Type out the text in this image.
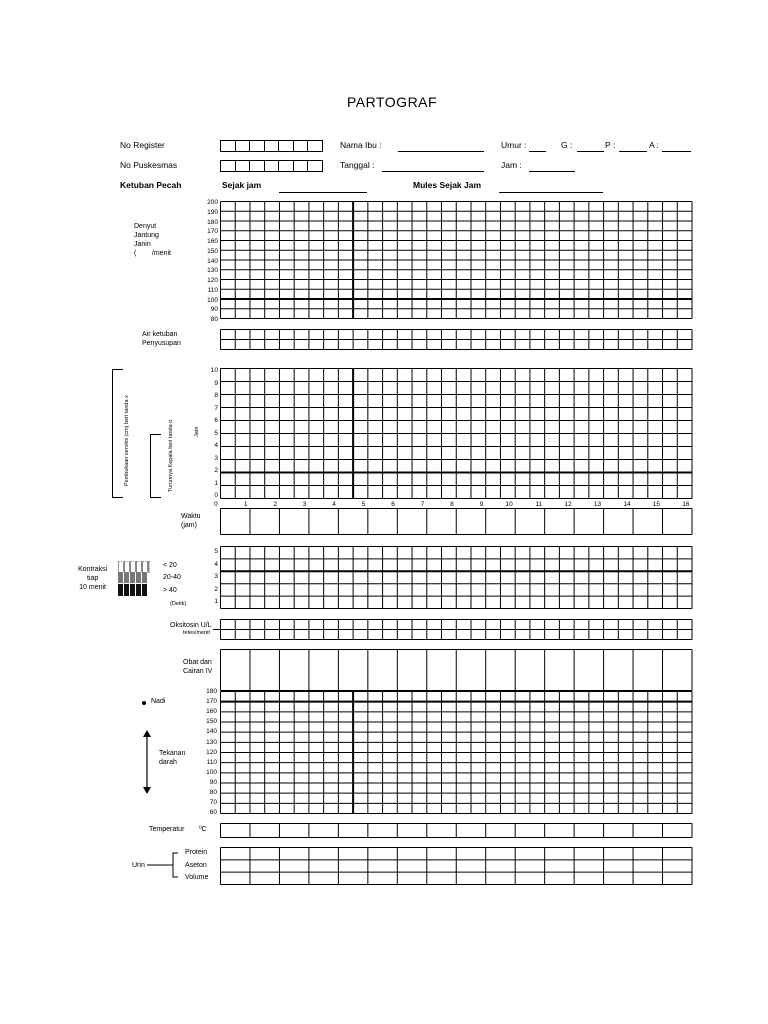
PARTOGRAF
No Register	Nama Ibu :	Umur :	G :	P :	A :
No Puskesmas	Tanggal :	Jam :
Ketuban Pecah	Sejak jam	Mules Sejak Jam
Denyut
Jantung
Janin
(        /menit
200
190
180
170
160
150
140
130
120
110
100
90
80
Air ketuban
Penyusupan
Pembukaan serviks (cm) beri tanda x	Turunnya Kepala beri tanda o	Jam
10
9
8
7
6
5
4
3
2
1
0
1	2	3	4	5	6	7	8	9	10	11	12	13	14	15	16
0
Waktu
(jam)
Kontraksi
tiap
10 menit
< 20
20-40
> 40
(Detik)
5
4
3
2
1
Oksitosin U/L
tetes/menit
Obat dan
Cairan IV
Nadi
Tekanan
darah
180
170
160
150
140
130
120
110
100
90
80
70
60
Temperatur ºC
Urin
Protein
Aseton
Volume
